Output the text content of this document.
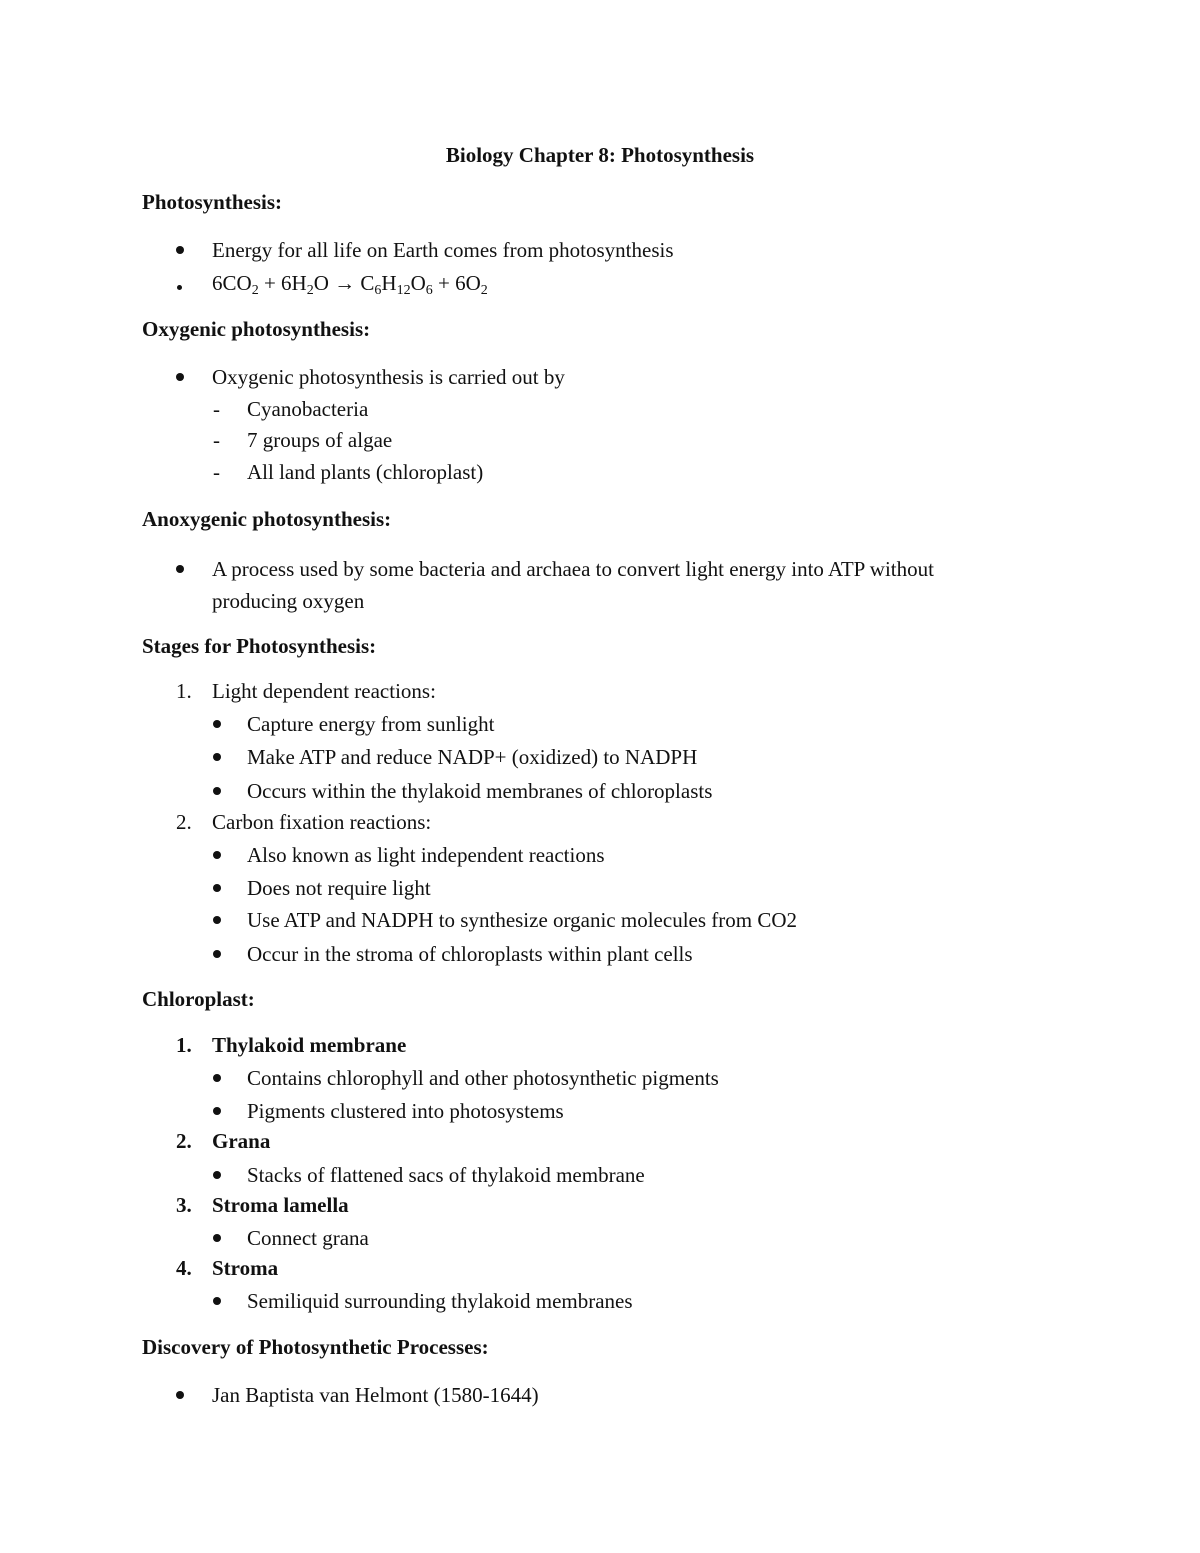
Biology Chapter 8: Photosynthesis
Photosynthesis:
Energy for all life on Earth comes from photosynthesis
$6CO_2 + 6H_2O \to C_6H_{12}O_6 + 6O_2$
Oxygenic photosynthesis:
Oxygenic photosynthesis is carried out by
- Cyanobacteria
- 7 groups of algae
- All land plants (chloroplast)
Anoxygenic photosynthesis:
A process used by some bacteria and archaea to convert light energy into ATP without
producing oxygen
Stages for Photosynthesis:
1. Light dependent reactions:
Capture energy from sunlight
Make ATP and reduce NADP+ (oxidized) to NADPH
Occurs within the thylakoid membranes of chloroplasts
2. Carbon fixation reactions:
Also known as light independent reactions
Does not require light
Use ATP and NADPH to synthesize organic molecules from CO2
Occur in the stroma of chloroplasts within plant cells
Chloroplast:
1. Thylakoid membrane
Contains chlorophyll and other photosynthetic pigments
Pigments clustered into photosystems
2. Grana
Stacks of flattened sacs of thylakoid membrane
3. Stroma lamella
Connect grana
4. Stroma
Semiliquid surrounding thylakoid membranes
Discovery of Photosynthetic Processes:
Jan Baptista van Helmont (1580-1644)
